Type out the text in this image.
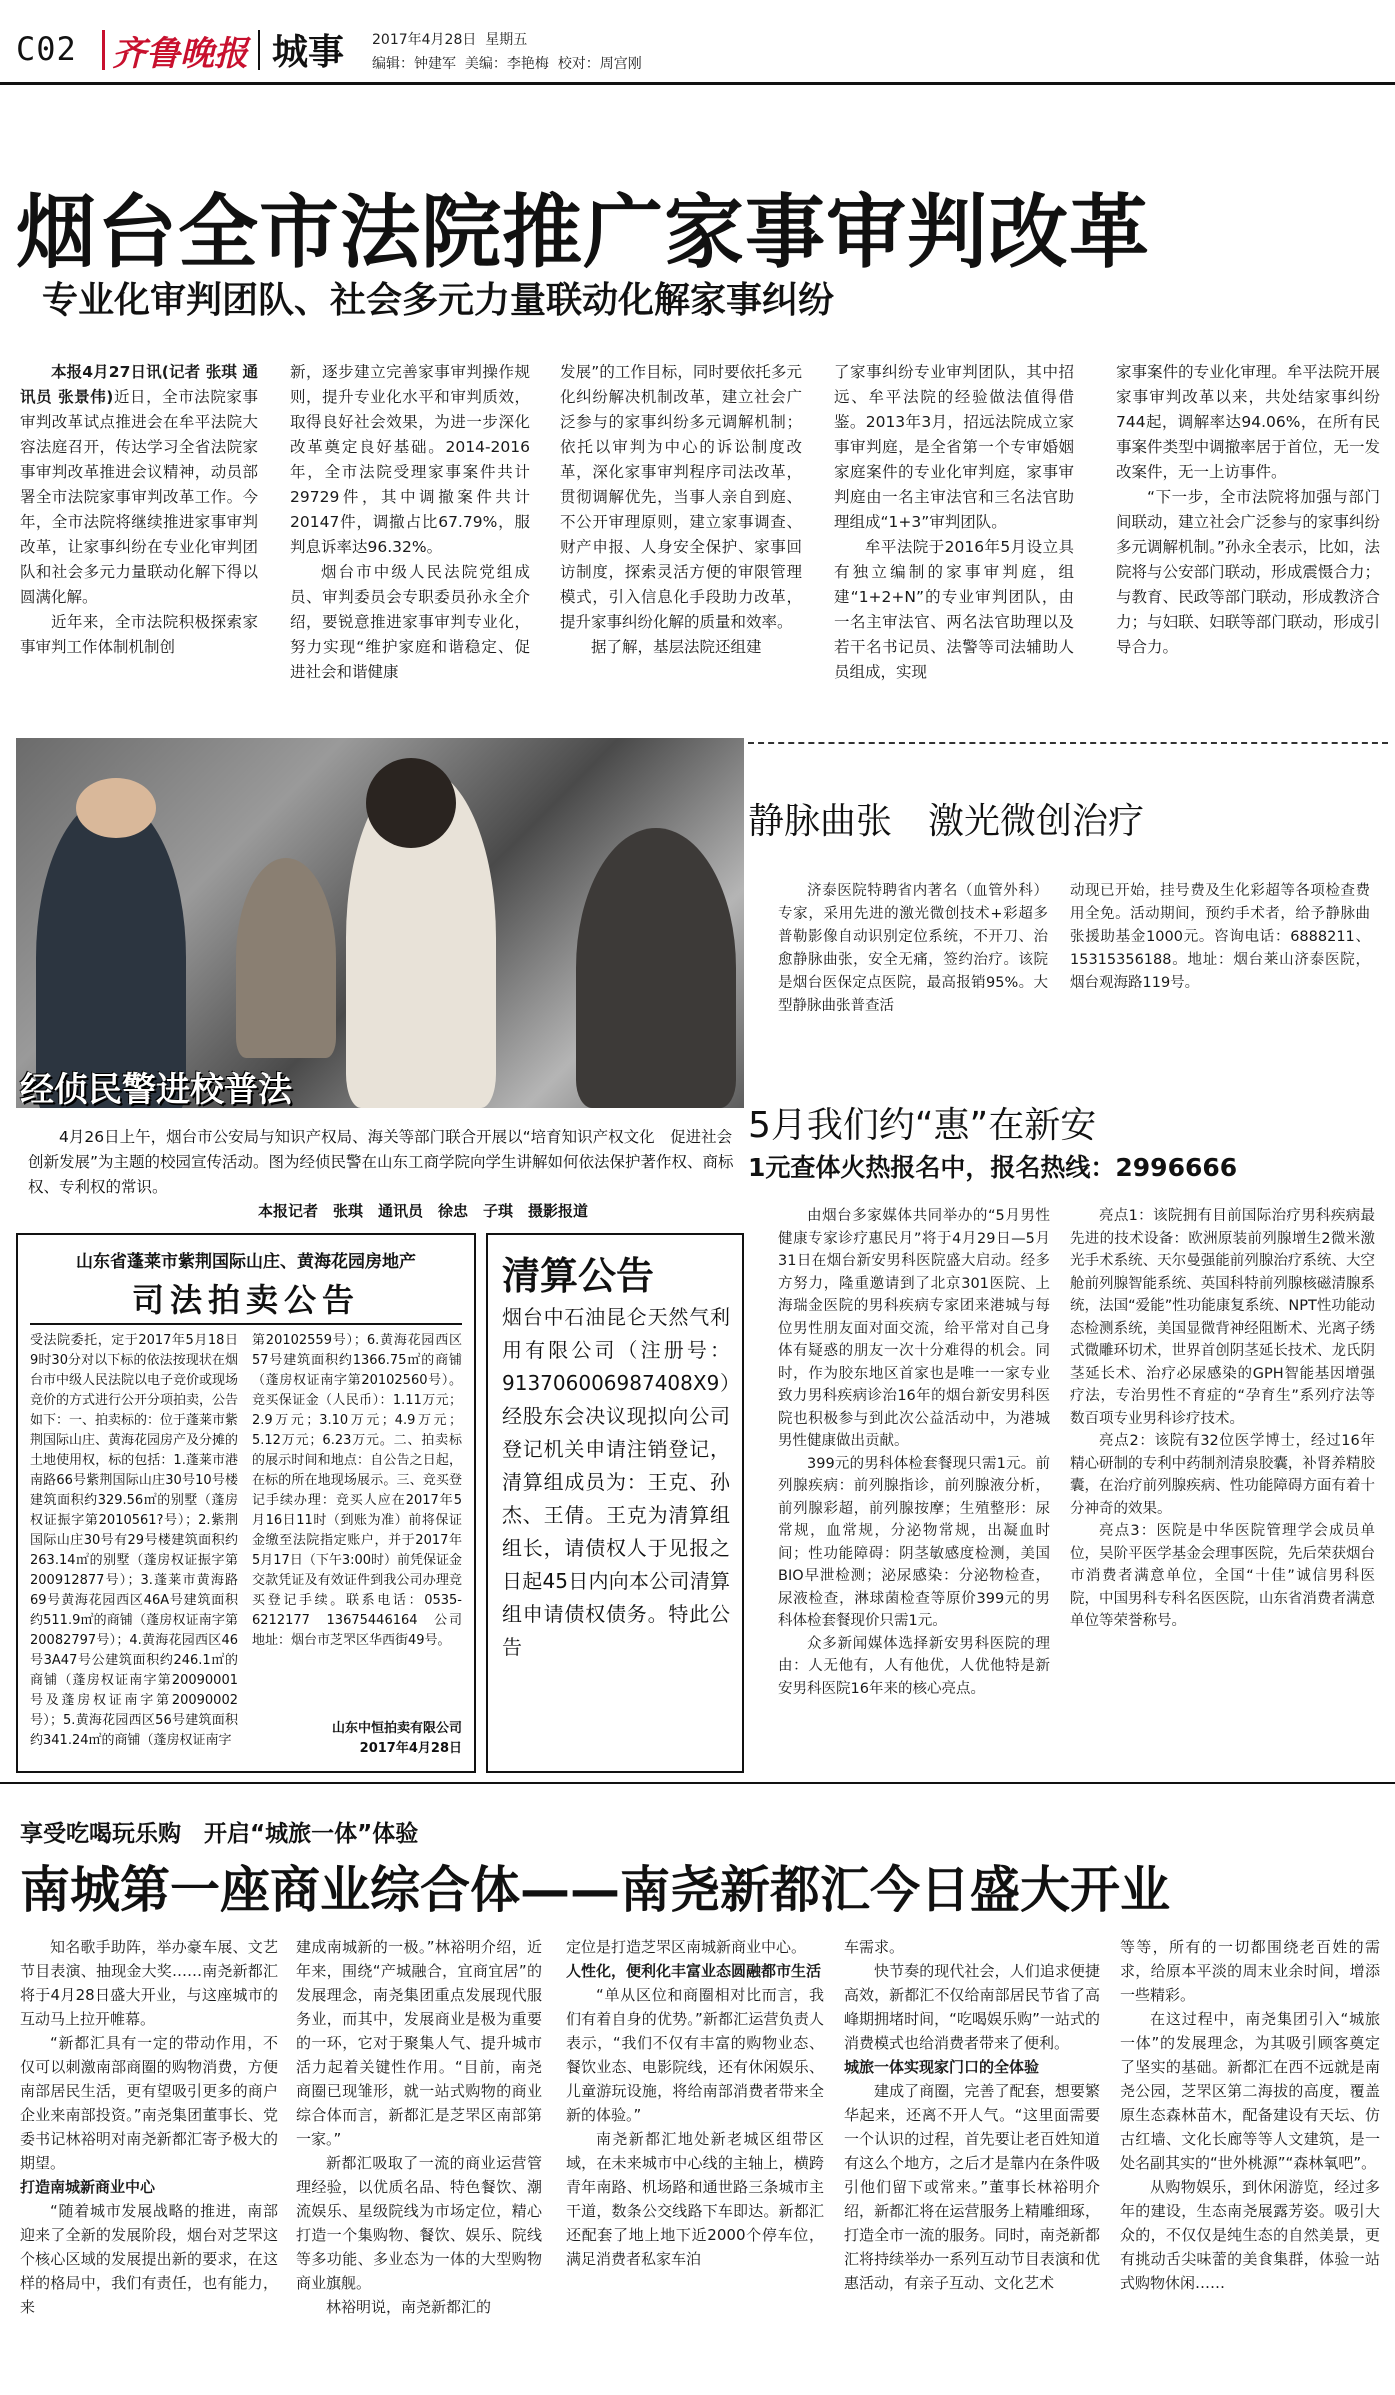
C02 齐鲁晚报 城事 2017年4月28日 星期五
编辑：钟建军 美编：李艳梅 校对：周宫刚
烟台全市法院推广家事审判改革
专业化审判团队、社会多元力量联动化解家事纠纷

本报4月27日讯(记者 张琪 通讯员 张景伟)近日，全市法院家事审判改革试点推进会在牟平法院大容法庭召开，传达学习全省法院家事审判改革推进会议精神，动员部署全市法院家事审判改革工作。今年，全市法院将继续推进家事审判改革，让家事纠纷在专业化审判团队和社会多元力量联动化解下得以圆满化解。

近年来，全市法院积极探索家事审判工作体制机制创

新，逐步建立完善家事审判操作规则，提升专业化水平和审判质效，取得良好社会效果，为进一步深化改革奠定良好基础。2014-2016年，全市法院受理家事案件共计29729件，其中调撤案件共计20147件，调撤占比67.79%，服判息诉率达96.32%。

烟台市中级人民法院党组成员、审判委员会专职委员孙永全介绍，要锐意推进家事审判专业化，努力实现“维护家庭和谐稳定、促进社会和谐健康

发展”的工作目标，同时要依托多元化纠纷解决机制改革，建立社会广泛参与的家事纠纷多元调解机制；依托以审判为中心的诉讼制度改革，深化家事审判程序司法改革，贯彻调解优先，当事人亲自到庭、不公开审理原则，建立家事调查、财产申报、人身安全保护、家事回访制度，探索灵活方便的审限管理模式，引入信息化手段助力改革，提升家事纠纷化解的质量和效率。

据了解，基层法院还组建

了家事纠纷专业审判团队，其中招远、牟平法院的经验做法值得借鉴。2013年3月，招远法院成立家事审判庭，是全省第一个专审婚姻家庭案件的专业化审判庭，家事审判庭由一名主审法官和三名法官助理组成“1+3”审判团队。

牟平法院于2016年5月设立具有独立编制的家事审判庭，组建“1+2+N”的专业审判团队，由一名主审法官、两名法官助理以及若干名书记员、法警等司法辅助人员组成，实现

家事案件的专业化审理。牟平法院开展家事审判改革以来，共处结家事纠纷744起，调解率达94.06%，在所有民事案件类型中调撤率居于首位，无一发改案件，无一上访事件。

“下一步，全市法院将加强与部门间联动，建立社会广泛参与的家事纠纷多元调解机制。”孙永全表示，比如，法院将与公安部门联动，形成震慑合力；与教育、民政等部门联动，形成教济合力；与妇联、妇联等部门联动，形成引导合力。

经侦民警进校普法

4月26日上午，烟台市公安局与知识产权局、海关等部门联合开展以“培育知识产权文化　促进社会创新发展”为主题的校园宣传活动。图为经侦民警在山东工商学院向学生讲解如何依法保护著作权、商标权、专利权的常识。

本报记者　张琪　通讯员　徐忠　子琪　摄影报道
山东省蓬莱市紫荆国际山庄、黄海花园房地产
司法拍卖公告
受法院委托，定于2017年5月18日9时30分对以下标的依法按现状在烟台市中级人民法院以电子竞价或现场竞价的方式进行公开分项拍卖，公告如下：一、拍卖标的：位于蓬莱市紫荆国际山庄、黄海花园房产及分摊的土地使用权，标的包括：1.蓬莱市港南路66号紫荆国际山庄30号10号楼建筑面积约329.56㎡的别墅（蓬房权证振字第2010561?号）；2.紫荆国际山庄30号有29号楼建筑面积约263.14㎡的别墅（蓬房权证振字第200912877号）；3.蓬莱市黄海路69号黄海花园西区46A号建筑面积约511.9㎡的商铺（蓬房权证南字第20082797号）；4.黄海花园西区46号3A47号公建筑面积约246.1㎡的商铺（蓬房权证南字第20090001号及蓬房权证南字第20090002号）；5.黄海花园西区56号建筑面积约341.24㎡的商铺（蓬房权证南字
第20102559号）；6.黄海花园西区57号建筑面积约1366.75㎡的商铺（蓬房权证南字第20102560号）。竞买保证金（人民币）：1.11万元；2.9万元；3.10万元；4.9万元；5.12万元；6.23万元。二、拍卖标的展示时间和地点：自公告之日起，在标的所在地现场展示。三、竞买登记手续办理：竞买人应在2017年5月16日11时（到账为准）前将保证金缴至法院指定账户，并于2017年5月17日（下午3:00时）前凭保证金交款凭证及有效证件到我公司办理竞买登记手续。联系电话：0535-6212177　13675446164　公司地址：烟台市芝罘区华西街49号。
山东中恒拍卖有限公司
2017年4月28日
清算公告
烟台中石油昆仑天然气利用有限公司（注册号：913706006987408X9）经股东会决议现拟向公司登记机关申请注销登记，清算组成员为：王克、孙杰、王倩。王克为清算组组长，请债权人于见报之日起45日内向本公司清算组申请债权债务。特此公告
静脉曲张　激光微创治疗

济泰医院特聘省内著名（血管外科）专家，采用先进的激光微创技术+彩超多普勒影像自动识别定位系统，不开刀、治愈静脉曲张，安全无痛，签约治疗。该院是烟台医保定点医院，最高报销95%。大型静脉曲张普查活

动现已开始，挂号费及生化彩超等各项检查费用全免。活动期间，预约手术者，给予静脉曲张援助基金1000元。咨询电话：6888211、15315356188。地址：烟台莱山济泰医院，烟台观海路119号。

5月我们约“惠”在新安
1元查体火热报名中，报名热线：2996666

由烟台多家媒体共同举办的“5月男性健康专家诊疗惠民月”将于4月29日—5月31日在烟台新安男科医院盛大启动。经多方努力，隆重邀请到了北京301医院、上海瑞金医院的男科疾病专家团来港城与每位男性朋友面对面交流，给平常对自己身体有疑惑的朋友一次十分难得的机会。同时，作为胶东地区首家也是唯一一家专业致力男科疾病诊治16年的烟台新安男科医院也积极参与到此次公益活动中，为港城男性健康做出贡献。

399元的男科体检套餐现只需1元。前列腺疾病：前列腺指诊，前列腺液分析，前列腺彩超，前列腺按摩；生殖整形：尿常规，血常规，分泌物常规，出凝血时间；性功能障碍：阴茎敏感度检测，美国BIO早泄检测；泌尿感染：分泌物检查，尿液检查，淋球菌检查等原价399元的男科体检套餐现价只需1元。

众多新闻媒体选择新安男科医院的理由：人无他有，人有他优，人优他特是新安男科医院16年来的核心亮点。

亮点1：该院拥有目前国际治疗男科疾病最先进的技术设备：欧洲原装前列腺增生2微米激光手术系统、天尔曼强能前列腺治疗系统、大空舱前列腺智能系统、英国科特前列腺核磁清腺系统，法国“爱能”性功能康复系统、NPT性功能动态检测系统，美国显微背神经阻断术、光离子绣式微雕环切术，世界首创阴茎延长技术、龙氏阴茎延长术、治疗必尿感染的GPH智能基因增强疗法，专治男性不育症的“孕育生”系列疗法等数百项专业男科诊疗技术。

亮点2：该院有32位医学博士，经过16年精心研制的专利中药制剂清泉胶囊，补肾养精胶囊，在治疗前列腺疾病、性功能障碍方面有着十分神奇的效果。

亮点3：医院是中华医院管理学会成员单位，吴阶平医学基金会理事医院，先后荣获烟台市消费者满意单位，全国“十佳”诚信男科医院，中国男科专科名医医院，山东省消费者满意单位等荣誉称号。

享受吃喝玩乐购　开启“城旅一体”体验
南城第一座商业综合体——南尧新都汇今日盛大开业

知名歌手助阵，举办豪车展、文艺节目表演、抽现金大奖……南尧新都汇将于4月28日盛大开业，与这座城市的互动马上拉开帷幕。

“新都汇具有一定的带动作用，不仅可以刺激南部商圈的购物消费，方便南部居民生活，更有望吸引更多的商户企业来南部投资。”南尧集团董事长、党委书记林裕明对南尧新都汇寄予极大的期望。

打造南城新商业中心

“随着城市发展战略的推进，南部迎来了全新的发展阶段，烟台对芝罘这个核心区域的发展提出新的要求，在这样的格局中，我们有责任，也有能力，来

建成南城新的一极。”林裕明介绍，近年来，围绕“产城融合，宜商宜居”的发展理念，南尧集团重点发展现代服务业，而其中，发展商业是极为重要的一环，它对于聚集人气、提升城市活力起着关键性作用。“目前，南尧商圈已现雏形，就一站式购物的商业综合体而言，新都汇是芝罘区南部第一家。”

新都汇吸取了一流的商业运营管理经验，以优质名品、特色餐饮、潮流娱乐、星级院线为市场定位，精心打造一个集购物、餐饮、娱乐、院线等多功能、多业态为一体的大型购物商业旗舰。

林裕明说，南尧新都汇的

定位是打造芝罘区南城新商业中心。

人性化，便利化丰富业态圆融都市生活

“单从区位和商圈相对比而言，我们有着自身的优势。”新都汇运营负责人表示，“我们不仅有丰富的购物业态、餐饮业态、电影院线，还有休闲娱乐、儿童游玩设施，将给南部消费者带来全新的体验。”

南尧新都汇地处新老城区组带区域，在未来城市中心线的主轴上，横跨青年南路、机场路和通世路三条城市主干道，数条公交线路下车即达。新都汇还配套了地上地下近2000个停车位，满足消费者私家车泊

车需求。

快节奏的现代社会，人们追求便捷高效，新都汇不仅给南部居民节省了高峰期拥堵时间，“吃喝娱乐购”一站式的消费模式也给消费者带来了便利。

城旅一体实现家门口的全体验

建成了商圈，完善了配套，想要繁华起来，还离不开人气。“这里面需要一个认识的过程，首先要让老百姓知道有这么个地方，之后才是靠内在条件吸引他们留下或常来。”董事长林裕明介绍，新都汇将在运营服务上精雕细琢，打造全市一流的服务。同时，南尧新都汇将持续举办一系列互动节目表演和优惠活动，有亲子互动、文化艺术

等等，所有的一切都围绕老百姓的需求，给原本平淡的周末业余时间，增添一些精彩。

在这过程中，南尧集团引入“城旅一体”的发展理念，为其吸引顾客奠定了坚实的基础。新都汇在西不远就是南尧公园，芝罘区第二海拔的高度，覆盖原生态森林苗木，配备建设有天坛、仿古红墙、文化长廊等等人文建筑，是一处名副其实的“世外桃源”“森林氧吧”。

从购物娱乐，到休闲游览，经过多年的建设，生态南尧展露芳姿。吸引大众的，不仅仅是纯生态的自然美景，更有挑动舌尖味蕾的美食集群，体验一站式购物休闲……
